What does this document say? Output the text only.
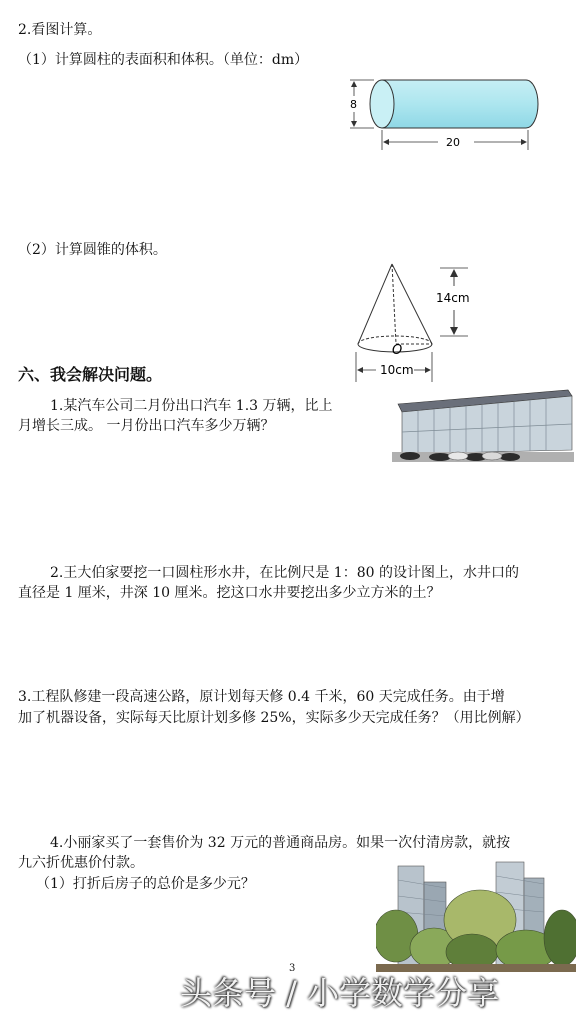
2.看图计算。
（1）计算圆柱的表面积和体积。（单位：dm）
8
20
（2）计算圆锥的体积。
O
14cm
10cm
六、我会解决问题。
1.某汽车公司二月份出口汽车 1.3 万辆，比上
月增长三成。 一月份出口汽车多少万辆？
2.王大伯家要挖一口圆柱形水井，在比例尺是 1：80 的设计图上，水井口的
直径是 1 厘米，井深 10 厘米。挖这口水井要挖出多少立方米的土？
3.工程队修建一段高速公路，原计划每天修 0.4 千米，60 天完成任务。由于增
加了机器设备，实际每天比原计划多修 25%，实际多少天完成任务？（用比例解）
4.小丽家买了一套售价为 32 万元的普通商品房。如果一次付清房款，就按
九六折优惠价付款。
（1）打折后房子的总价是多少元？
3
头条号 / 小学数学分享
